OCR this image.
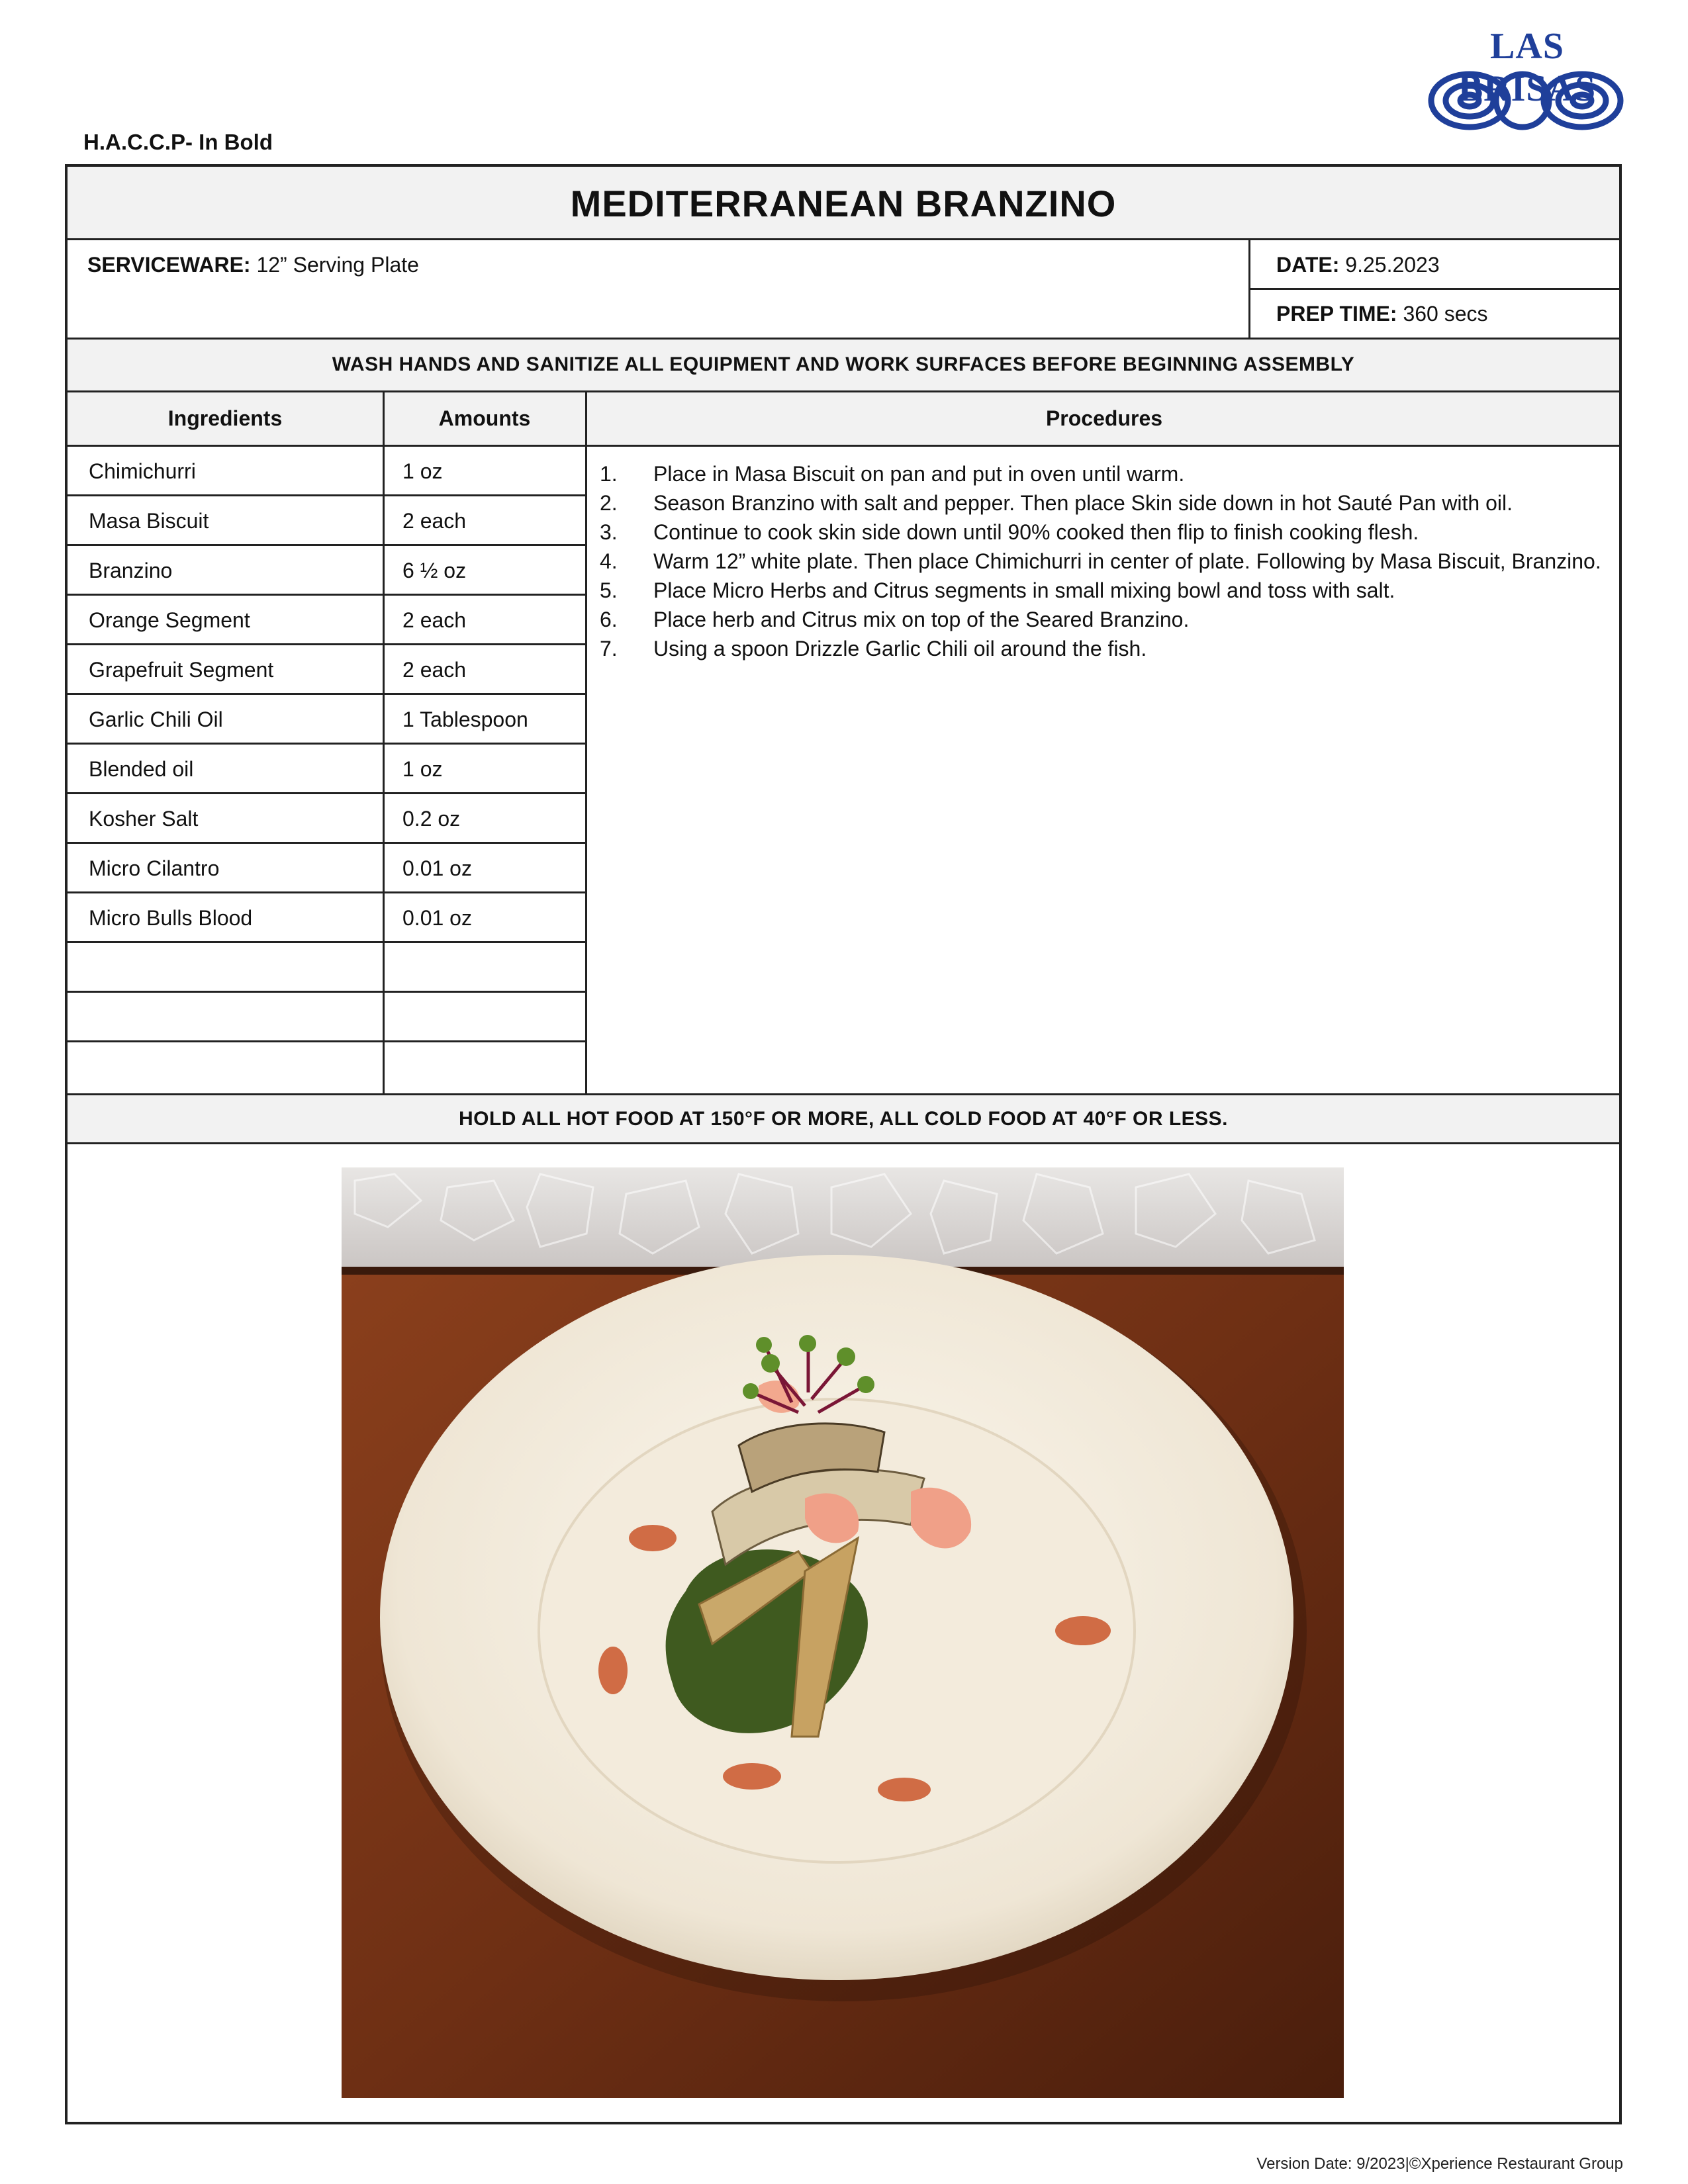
H.A.C.C.P- In Bold
LAS BRISAS
MEDITERRANEAN BRANZINO
SERVICEWARE: 12” Serving Plate	DATE: 9.25.2023
PREP TIME: 360 secs
WASH HANDS AND SANITIZE ALL EQUIPMENT AND WORK SURFACES BEFORE BEGINNING ASSEMBLY
Ingredients	Amounts	Procedures
Chimichurri	1 oz
Masa Biscuit	2 each
Branzino	6 ½ oz
Orange Segment	2 each
Grapefruit Segment	2 each
Garlic Chili Oil	1 Tablespoon
Blended oil	1 oz
Kosher Salt	0.2 oz
Micro Cilantro	0.01 oz
Micro Bulls Blood	0.01 oz
1. Place in Masa Biscuit on pan and put in oven until warm.
2. Season Branzino with salt and pepper. Then place Skin side down in hot Sauté Pan with oil.
3. Continue to cook skin side down until 90% cooked then flip to finish cooking flesh.
4. Warm 12” white plate. Then place Chimichurri in center of plate. Following by Masa Biscuit, Branzino.
5. Place Micro Herbs and Citrus segments in small mixing bowl and toss with salt.
6. Place herb and Citrus mix on top of the Seared Branzino.
7. Using a spoon Drizzle Garlic Chili oil around the fish.
HOLD ALL HOT FOOD AT 150°F OR MORE, ALL COLD FOOD AT 40°F OR LESS.
Version Date: 9/2023|©Xperience Restaurant Group
